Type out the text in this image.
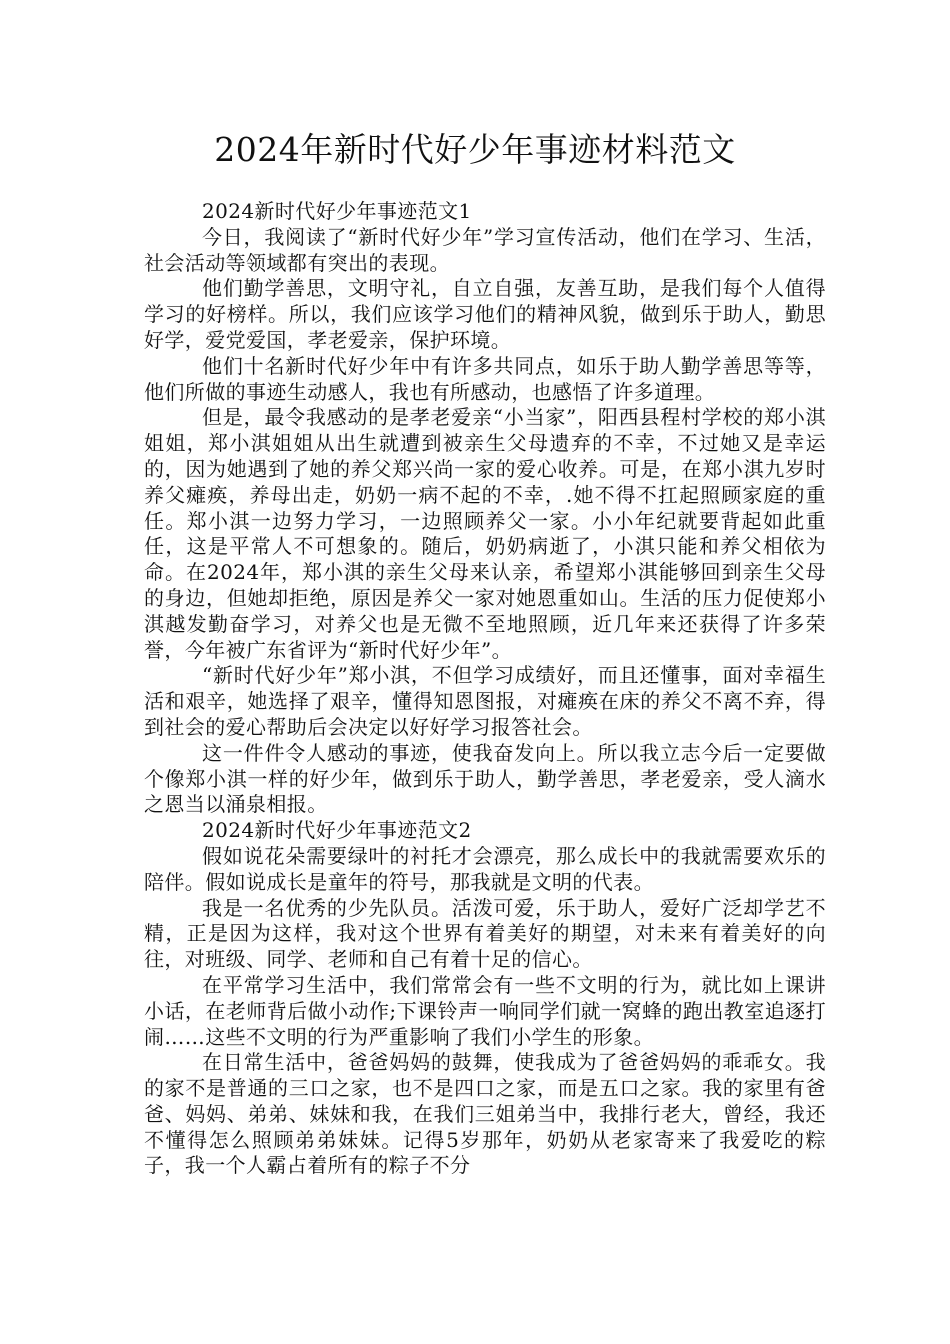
2024年新时代好少年事迹材料范文

2024新时代好少年事迹范文1

今日，我阅读了“新时代好少年”学习宣传活动，他们在学习、生活，社会活动等领域都有突出的表现。

他们勤学善思，文明守礼，自立自强，友善互助，是我们每个人值得学习的好榜样。所以，我们应该学习他们的精神风貌，做到乐于助人，勤思好学，爱党爱国，孝老爱亲，保护环境。

他们十名新时代好少年中有许多共同点，如乐于助人勤学善思等等，他们所做的事迹生动感人，我也有所感动，也感悟了许多道理。

但是，最令我感动的是孝老爱亲“小当家”，阳西县程村学校的郑小淇姐姐，郑小淇姐姐从出生就遭到被亲生父母遗弃的不幸，不过她又是幸运的，因为她遇到了她的养父郑兴尚一家的爱心收养。可是，在郑小淇九岁时养父瘫痪，养母出走，奶奶一病不起的不幸，.她不得不扛起照顾家庭的重任。郑小淇一边努力学习，一边照顾养父一家。小小年纪就要背起如此重任，这是平常人不可想象的。随后，奶奶病逝了，小淇只能和养父相依为命。在2024年，郑小淇的亲生父母来认亲，希望郑小淇能够回到亲生父母的身边，但她却拒绝，原因是养父一家对她恩重如山。生活的压力促使郑小淇越发勤奋学习，对养父也是无微不至地照顾，近几年来还获得了许多荣誉，今年被广东省评为“新时代好少年”。

“新时代好少年”郑小淇，不但学习成绩好，而且还懂事，面对幸福生活和艰辛，她选择了艰辛，懂得知恩图报，对瘫痪在床的养父不离不弃，得到社会的爱心帮助后会决定以好好学习报答社会。

这一件件令人感动的事迹，使我奋发向上。所以我立志今后一定要做个像郑小淇一样的好少年，做到乐于助人，勤学善思，孝老爱亲，受人滴水之恩当以涌泉相报。

2024新时代好少年事迹范文2

假如说花朵需要绿叶的衬托才会漂亮，那么成长中的我就需要欢乐的陪伴。假如说成长是童年的符号，那我就是文明的代表。

我是一名优秀的少先队员。活泼可爱，乐于助人，爱好广泛却学艺不精，正是因为这样，我对这个世界有着美好的期望，对未来有着美好的向往，对班级、同学、老师和自己有着十足的信心。

在平常学习生活中，我们常常会有一些不文明的行为，就比如上课讲小话，在老师背后做小动作;下课铃声一响同学们就一窝蜂的跑出教室追逐打闹……这些不文明的行为严重影响了我们小学生的形象。

在日常生活中，爸爸妈妈的鼓舞，使我成为了爸爸妈妈的乖乖女。我的家不是普通的三口之家，也不是四口之家，而是五口之家。我的家里有爸爸、妈妈、弟弟、妹妹和我，在我们三姐弟当中，我排行老大，曾经，我还不懂得怎么照顾弟弟妹妹。记得5岁那年，奶奶从老家寄来了我爱吃的粽子，我一个人霸占着所有的粽子不分
